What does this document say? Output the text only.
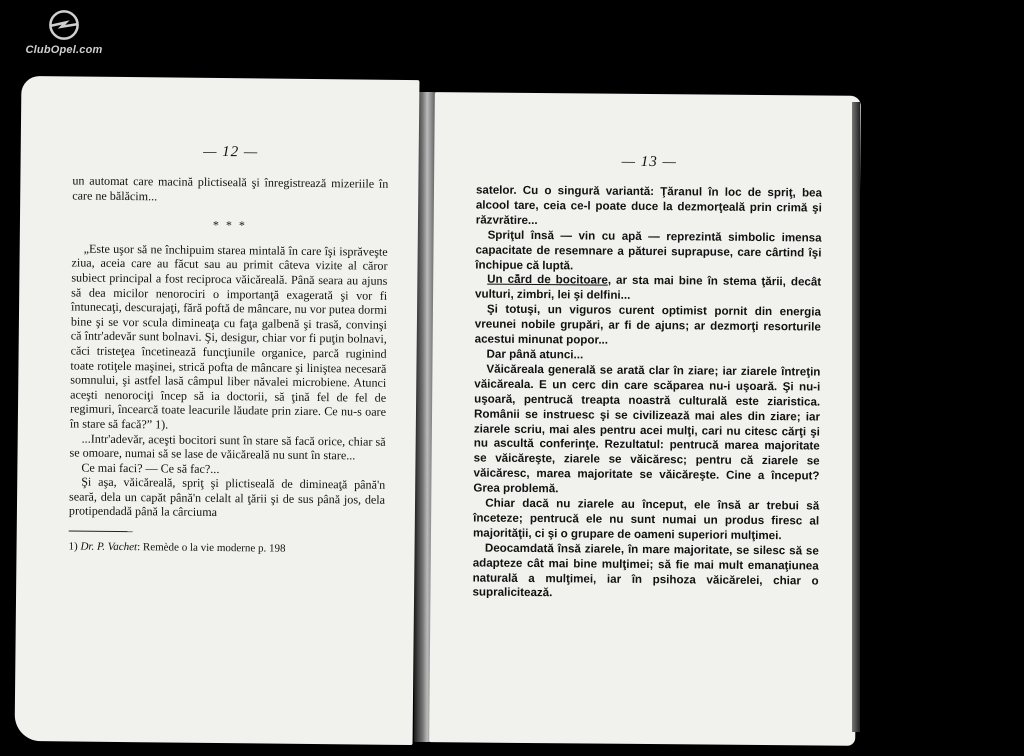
ClubOpel.com
— 12 —

un automat care macină plictiseală şi înregistrează mizeriile în care ne bălăcim...

* * *

„Este uşor să ne închipuim starea mintală în care îşi isprăveşte ziua, aceia care au făcut sau au primit câteva vizite al căror subiect principal a fost reciproca văicăreală. Până seara au ajuns să dea micilor nenorociri o importanţă exagerată şi vor fi întunecaţi, descurajaţi, fără poftă de mâncare, nu vor putea dormi bine şi se vor scula dimineaţa cu faţa galbenă şi trasă, convinşi că într'adevăr sunt bolnavi. Şi, desigur, chiar vor fi puţin bolnavi, căci tristeţea încetinează funcţiunile organice, parcă ruginind toate rotiţele maşinei, strică pofta de mâncare şi liniştea necesară somnului, şi astfel lasă câmpul liber năvalei microbiene. Atunci aceşti nenorociţi încep să ia doctorii, să ţină fel de fel de regimuri, încearcă toate leacurile lăudate prin ziare. Ce nu-s oare în stare să facă?” 1).

...Intr'adevăr, aceşti bocitori sunt în stare să facă orice, chiar să se omoare, numai să se lase de văicăreală nu sunt în stare...

Ce mai faci? — Ce să fac?...

Şi aşa, văicăreală, spriţ şi plictiseală de dimineaţă până'n seară, dela un capăt până'n celalt al ţării şi de sus până jos, dela protipendadă până la cârciuma

1) Dr. P. Vachet: Remède o la vie moderne p. 198
— 13 —

satelor. Cu o singură variantă: Ţăranul în loc de spriţ, bea alcool tare, ceia ce-l poate duce la dezmorţeală prin crimă şi răzvrătire...

Spriţul însă — vin cu apă — reprezintă simbolic imensa capacitate de resemnare a păturei suprapuse, care cârtind îşi închipue că luptă.

Un câ̌rd de bocitoare, ar sta mai bine în stema ţării, decât vulturi, zimbri, lei şi delfini...

Şi totuşi, un viguros curent optimist pornit din energia vreunei nobile grupări, ar fi de ajuns; ar dezmorţi resorturile acestui minunat popor...

Dar până atunci...

Văicăreala generală se arată clar în ziare; iar ziarele întreţin văicăreala. E un cerc din care scăparea nu-i uşoară. Şi nu-i uşoară, pentrucă treapta noastră culturală este ziaristica. Românii se instruesc şi se civilizează mai ales din ziare; iar ziarele scriu, mai ales pentru acei mulţi, cari nu citesc cărţi şi nu ascultă conferinţe. Rezultatul: pentrucă marea majoritate se văicăreşte, ziarele se văicăresc; pentru că ziarele se văicăresc, marea majoritate se văicăreşte. Cine a început? Grea problemă.

Chiar dacă nu ziarele au început, ele însă ar trebui să înceteze; pentrucă ele nu sunt numai un produs firesc al majorităţii, ci şi o grupare de oameni superiori mulţimei.

Deocamdată însă ziarele, în mare majoritate, se silesc să se adapteze cât mai bine mulţimei; să fie mai mult emanaţiunea naturală a mulţimei, iar în psihoza văicărelei, chiar o supraliciteazǎ.
